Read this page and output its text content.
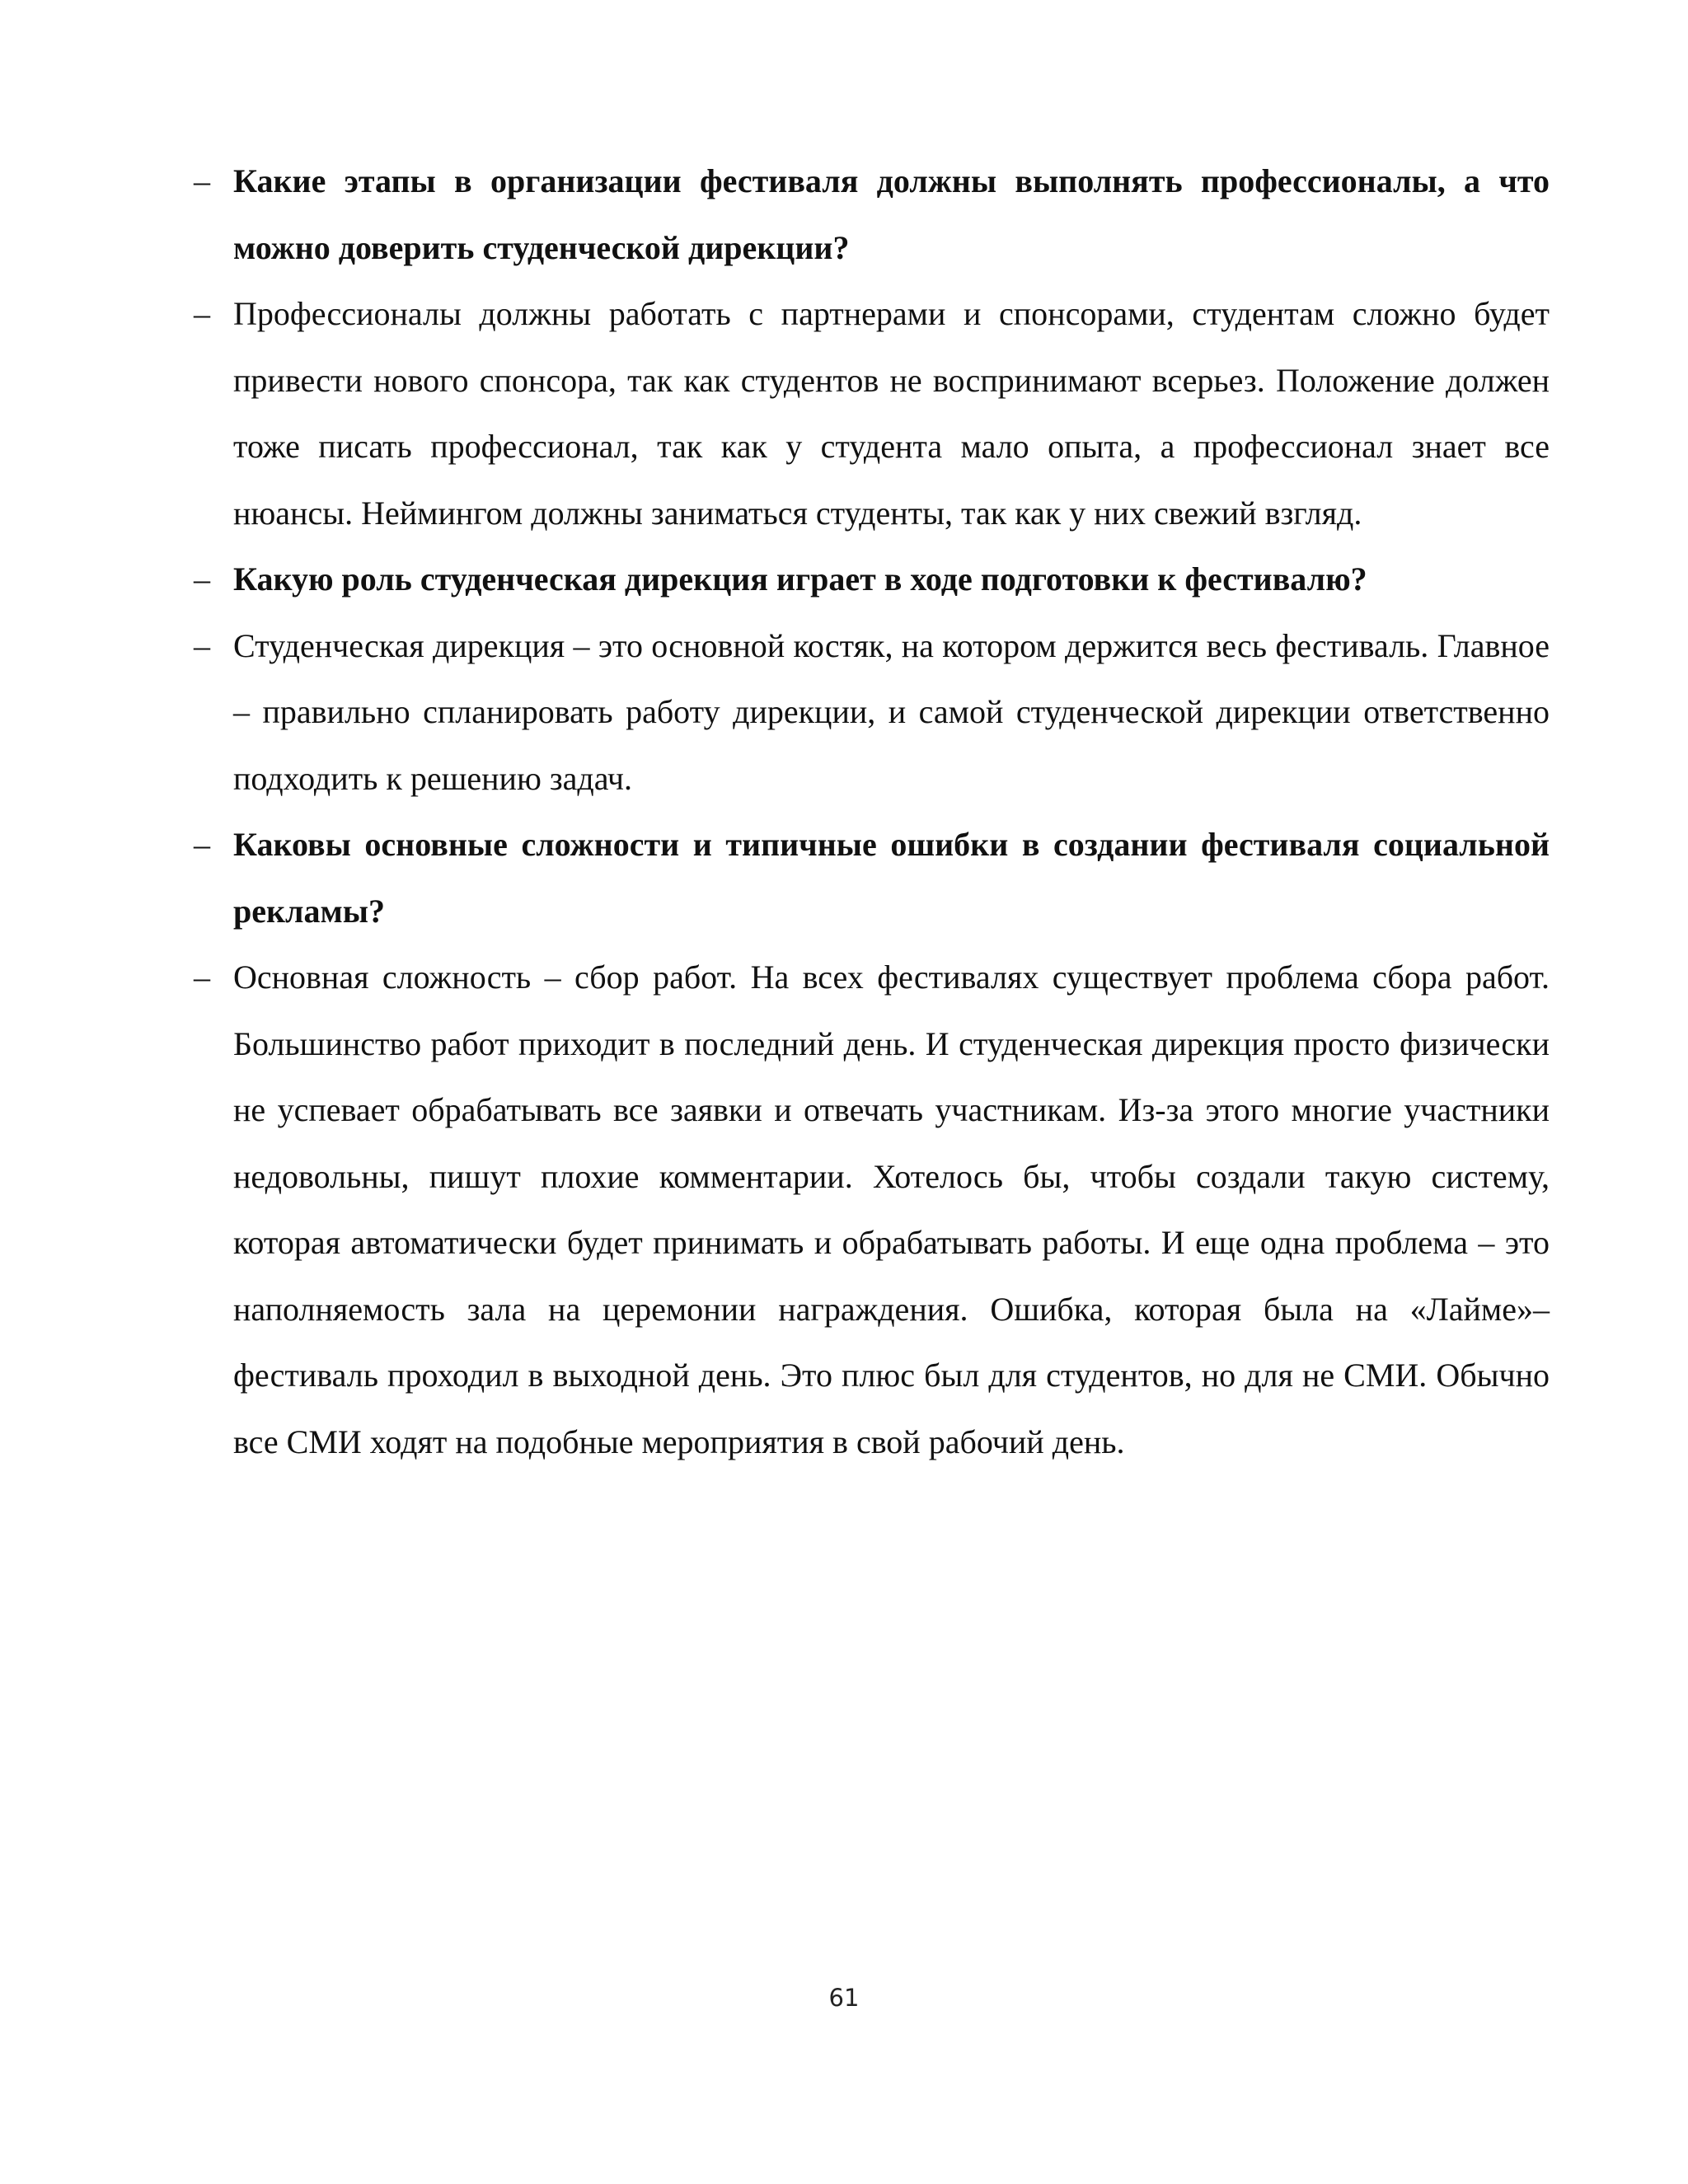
– Какие этапы в организации фестиваля должны выполнять профессионалы, а что можно доверить студенческой дирекции?
– Профессионалы должны работать с партнерами и спонсорами, студентам сложно будет привести нового спонсора, так как студентов не воспринимают всерьез. Положение должен тоже писать профессионал, так как у студента мало опыта, а профессионал знает все нюансы. Неймингом должны заниматься студенты, так как у них свежий взгляд.
– Какую роль студенческая дирекция играет в ходе подготовки к фестивалю?
– Студенческая дирекция – это основной костяк, на котором держится весь фестиваль. Главное – правильно спланировать работу дирекции, и самой студенческой дирекции ответственно подходить к решению задач.
– Каковы основные сложности и типичные ошибки в создании фестиваля социальной рекламы?
– Основная сложность – сбор работ. На всех фестивалях существует проблема сбора работ. Большинство работ приходит в последний день. И студенческая дирекция просто физически не успевает обрабатывать все заявки и отвечать участникам. Из-за этого многие участники недовольны, пишут плохие комментарии. Хотелось бы, чтобы создали такую систему, которая автоматически будет принимать и обрабатывать работы. И еще одна проблема – это наполняемость зала на церемонии награждения. Ошибка, которая была на «Лайме»– фестиваль проходил в выходной день. Это плюс был для студентов, но для не СМИ. Обычно все СМИ ходят на подобные мероприятия в свой рабочий день.
61
